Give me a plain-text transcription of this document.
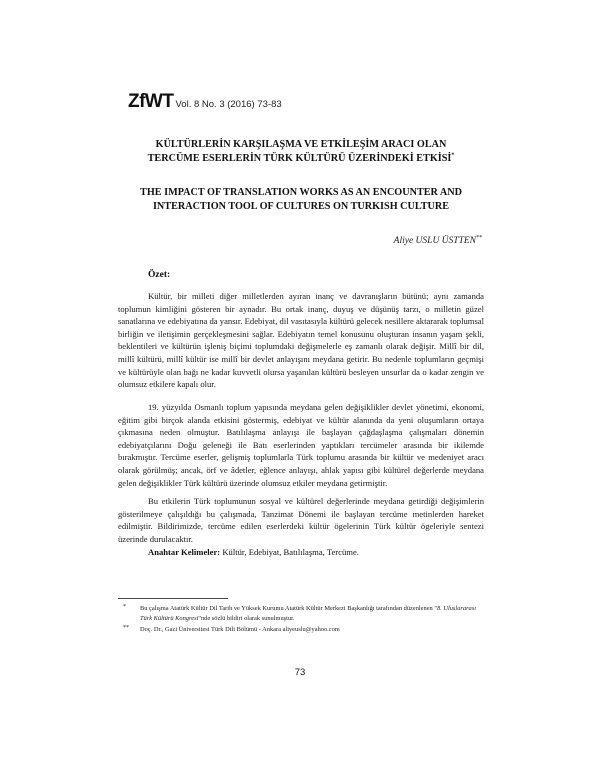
ZfWT Vol. 8 No. 3 (2016) 73-83
KÜLTÜRLERİN KARŞILAŞMA VE ETKİLEŞİM ARACI OLAN
TERCÜME ESERLERİN TÜRK KÜLTÜRÜ ÜZERİNDEKİ ETKİSİ*
THE IMPACT OF TRANSLATION WORKS AS AN ENCOUNTER AND
INTERACTION TOOL OF CULTURES ON TURKISH CULTURE
Aliye USLU ÜSTTEN**
Özet:

Kültür, bir milleti diğer milletlerden ayıran inanç ve davranışların bütünü; aynı zamanda toplumun kimliğini gösteren bir aynadır. Bu ortak inanç, duyuş ve düşünüş tarzı, o milletin güzel sanatlarına ve edebiyatına da yansır. Edebiyat, dil vasıtasıyla kültürü gelecek nesillere aktararak toplumsal birliğin ve iletişimin gerçekleşmesini sağlar. Edebiyatın temel konusunu oluşturan insanın yaşam şekli, beklentileri ve kültürün işleniş biçimi toplumdaki değişmelerle eş zamanlı olarak değişir. Millî bir dil, millî kültürü, millî kültür ise millî bir devlet anlayışını meydana getirir. Bu nedenle toplumların geçmişi ve kültürüyle olan bağı ne kadar kuvvetli olursa yaşanılan kültürü besleyen unsurlar da o kadar zengin ve olumsuz etkilere kapalı olur.

19. yüzyılda Osmanlı toplum yapısında meydana gelen değişiklikler devlet yönetimi, ekonomi, eğitim gibi birçok alanda etkisini göstermiş, edebiyat ve kültür alanında da yeni oluşumların ortaya çıkmasına neden olmuştur. Batılılaşma anlayışı ile başlayan çağdaşlaşma çalışmaları dönemin edebiyatçılarını Doğu geleneği ile Batı eserlerinden yaptıkları tercümeler arasında bir ikilemde bırakmıştır. Tercüme eserler, gelişmiş toplumlarla Türk toplumu arasında bir kültür ve medeniyet aracı olarak görülmüş; ancak, örf ve âdetler, eğlence anlayışı, ahlak yapısı gibi kültürel değerlerde meydana gelen değişiklikler Türk kültürü üzerinde olumsuz etkiler meydana getirmiştir.

Bu etkilerin Türk toplumunun sosyal ve kültürel değerlerinde meydana getirdiği değişimlerin gösterilmeye çalışıldığı bu çalışmada, Tanzimat Dönemi ile başlayan tercüme metinlerden hareket edilmiştir. Bildirimizde, tercüme edilen eserlerdeki kültür ögelerinin Türk kültür ögeleriyle sentezi üzerinde durulacaktır.

Anahtar Kelimeler: Kültür, Edebiyat, Batılılaşma, Tercüme.
* Bu çalışma Atatürk Kültür Dil Tarih ve Yüksek Kurumu Atatürk Kültür Merkezi Başkanlığı tarafından düzenlenen "8. Uluslararası Türk Kültürü Kongresi"nde sözlü bildiri olarak sunulmuştur.
** Doç. Dr., Gazi Üniversitesi Türk Dili Bölümü - Ankara aliyeuslu@yahoo.com
73
